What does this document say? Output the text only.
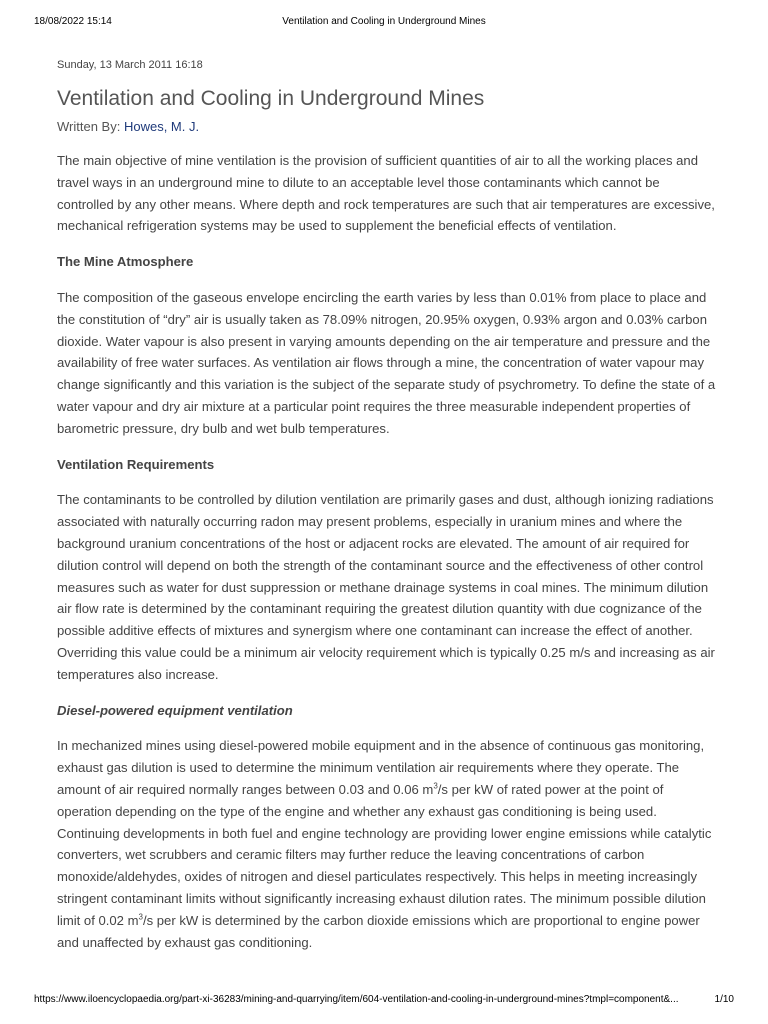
18/08/2022 15:14	Ventilation and Cooling in Underground Mines

Sunday, 13 March 2011 16:18

Ventilation and Cooling in Underground Mines

Written By: Howes, M. J.

The main objective of mine ventilation is the provision of sufficient quantities of air to all the working places and travel ways in an underground mine to dilute to an acceptable level those contaminants which cannot be controlled by any other means. Where depth and rock temperatures are such that air temperatures are excessive, mechanical refrigeration systems may be used to supplement the beneficial effects of ventilation.

The Mine Atmosphere

The composition of the gaseous envelope encircling the earth varies by less than 0.01% from place to place and the constitution of “dry” air is usually taken as 78.09% nitrogen, 20.95% oxygen, 0.93% argon and 0.03% carbon dioxide. Water vapour is also present in varying amounts depending on the air temperature and pressure and the availability of free water surfaces. As ventilation air flows through a mine, the concentration of water vapour may change significantly and this variation is the subject of the separate study of psychrometry. To define the state of a water vapour and dry air mixture at a particular point requires the three measurable independent properties of barometric pressure, dry bulb and wet bulb temperatures.

Ventilation Requirements

The contaminants to be controlled by dilution ventilation are primarily gases and dust, although ionizing radiations associated with naturally occurring radon may present problems, especially in uranium mines and where the background uranium concentrations of the host or adjacent rocks are elevated. The amount of air required for dilution control will depend on both the strength of the contaminant source and the effectiveness of other control measures such as water for dust suppression or methane drainage systems in coal mines. The minimum dilution air flow rate is determined by the contaminant requiring the greatest dilution quantity with due cognizance of the possible additive effects of mixtures and synergism where one contaminant can increase the effect of another. Overriding this value could be a minimum air velocity requirement which is typically 0.25 m/s and increasing as air temperatures also increase.

Diesel-powered equipment ventilation

In mechanized mines using diesel-powered mobile equipment and in the absence of continuous gas monitoring, exhaust gas dilution is used to determine the minimum ventilation air requirements where they operate. The amount of air required normally ranges between 0.03 and 0.06 $m^3/s$ per kW of rated power at the point of operation depending on the type of the engine and whether any exhaust gas conditioning is being used. Continuing developments in both fuel and engine technology are providing lower engine emissions while catalytic converters, wet scrubbers and ceramic filters may further reduce the leaving concentrations of carbon monoxide/aldehydes, oxides of nitrogen and diesel particulates respectively. This helps in meeting increasingly stringent contaminant limits without significantly increasing exhaust dilution rates. The minimum possible dilution limit of 0.02 $m^3/s$ per kW is determined by the carbon dioxide emissions which are proportional to engine power and unaffected by exhaust gas conditioning.

https://www.iloencyclopaedia.org/part-xi-36283/mining-and-quarrying/item/604-ventilation-and-cooling-in-underground-mines?tmpl=component&...	1/10
